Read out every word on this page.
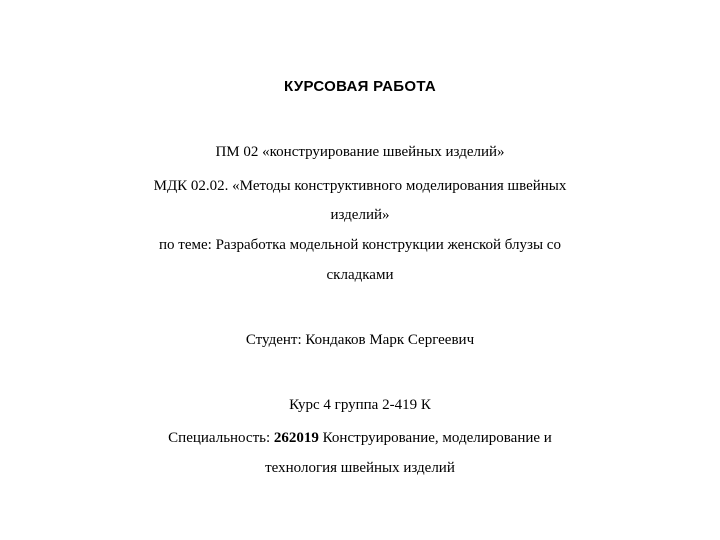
КУРСОВАЯ РАБОТА
ПМ 02 «конструирование швейных изделий»
МДК 02.02. «Методы конструктивного моделирования швейных
изделий»
по теме: Разработка модельной конструкции женской блузы со
складками
Студент: Кондаков Марк Сергеевич
Курс 4 группа 2-419 К
Специальность: 262019 Конструирование, моделирование и
технология швейных изделий
